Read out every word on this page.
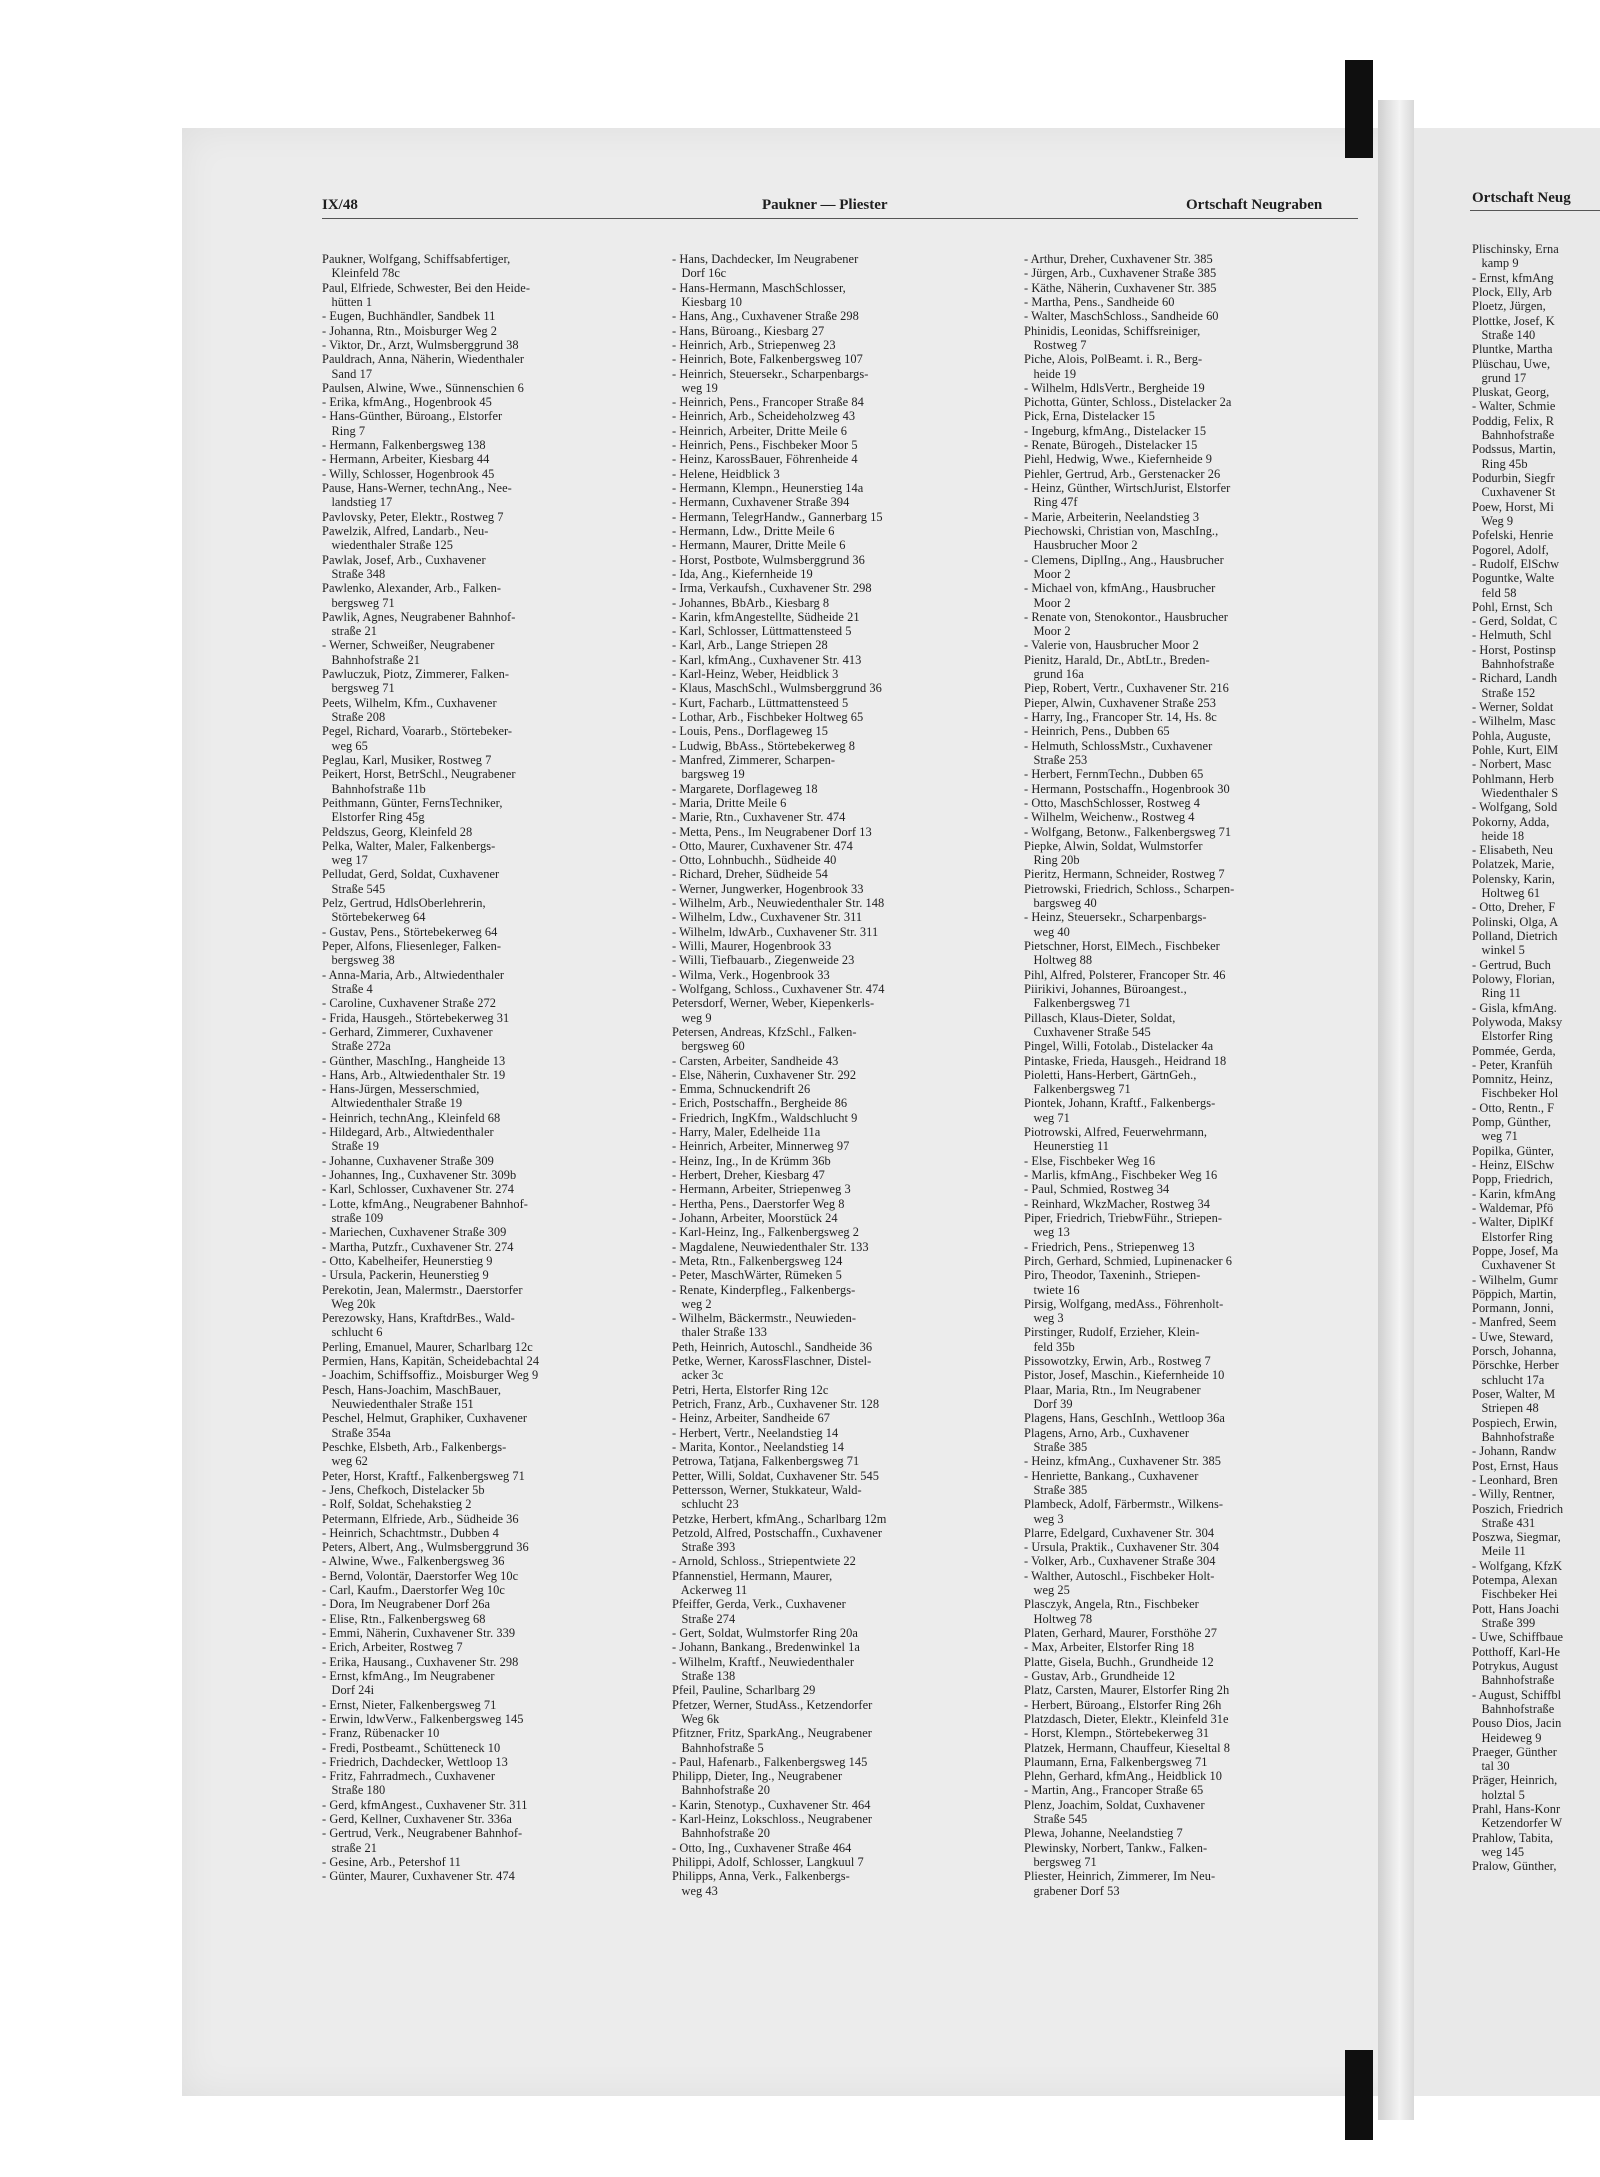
IX/48	Paukner — Pliester	Ortschaft Neugraben	Ortschaft Neug
Paukner, Wolfgang, Schiffsabfertiger,
Kleinfeld 78c
Paul, Elfriede, Schwester, Bei den Heide-
hütten 1
- Eugen, Buchhändler, Sandbek 11
- Johanna, Rtn., Moisburger Weg 2
- Viktor, Dr., Arzt, Wulmsberggrund 38
Pauldrach, Anna, Näherin, Wiedenthaler
Sand 17
Paulsen, Alwine, Wwe., Sünnenschien 6
- Erika, kfmAng., Hogenbrook 45
- Hans-Günther, Büroang., Elstorfer
Ring 7
- Hermann, Falkenbergsweg 138
- Hermann, Arbeiter, Kiesbarg 44
- Willy, Schlosser, Hogenbrook 45
Pause, Hans-Werner, technAng., Nee-
landstieg 17
Pavlovsky, Peter, Elektr., Rostweg 7
Pawelzik, Alfred, Landarb., Neu-
wiedenthaler Straße 125
Pawlak, Josef, Arb., Cuxhavener
Straße 348
Pawlenko, Alexander, Arb., Falken-
bergsweg 71
Pawlik, Agnes, Neugrabener Bahnhof-
straße 21
- Werner, Schweißer, Neugrabener
Bahnhofstraße 21
Pawluczuk, Piotz, Zimmerer, Falken-
bergsweg 71
Peets, Wilhelm, Kfm., Cuxhavener
Straße 208
Pegel, Richard, Voararb., Störtebeker-
weg 65
Peglau, Karl, Musiker, Rostweg 7
Peikert, Horst, BetrSchl., Neugrabener
Bahnhofstraße 11b
Peithmann, Günter, FernsTechniker,
Elstorfer Ring 45g
Peldszus, Georg, Kleinfeld 28
Pelka, Walter, Maler, Falkenbergs-
weg 17
Pelludat, Gerd, Soldat, Cuxhavener
Straße 545
Pelz, Gertrud, HdlsOberlehrerin,
Störtebekerweg 64
- Gustav, Pens., Störtebekerweg 64
Peper, Alfons, Fliesenleger, Falken-
bergsweg 38
- Anna-Maria, Arb., Altwiedenthaler
Straße 4
- Caroline, Cuxhavener Straße 272
- Frida, Hausgeh., Störtebekerweg 31
- Gerhard, Zimmerer, Cuxhavener
Straße 272a
- Günther, MaschIng., Hangheide 13
- Hans, Arb., Altwiedenthaler Str. 19
- Hans-Jürgen, Messerschmied,
Altwiedenthaler Straße 19
- Heinrich, technAng., Kleinfeld 68
- Hildegard, Arb., Altwiedenthaler
Straße 19
- Johanne, Cuxhavener Straße 309
- Johannes, Ing., Cuxhavener Str. 309b
- Karl, Schlosser, Cuxhavener Str. 274
- Lotte, kfmAng., Neugrabener Bahnhof-
straße 109
- Mariechen, Cuxhavener Straße 309
- Martha, Putzfr., Cuxhavener Str. 274
- Otto, Kabelheifer, Heunerstieg 9
- Ursula, Packerin, Heunerstieg 9
Perekotin, Jean, Malermstr., Daerstorfer
Weg 20k
Perezowsky, Hans, KraftdrBes., Wald-
schlucht 6
Perling, Emanuel, Maurer, Scharlbarg 12c
Permien, Hans, Kapitän, Scheidebachtal 24
- Joachim, Schiffsoffiz., Moisburger Weg 9
Pesch, Hans-Joachim, MaschBauer,
Neuwiedenthaler Straße 151
Peschel, Helmut, Graphiker, Cuxhavener
Straße 354a
Peschke, Elsbeth, Arb., Falkenbergs-
weg 62
Peter, Horst, Kraftf., Falkenbergsweg 71
- Jens, Chefkoch, Distelacker 5b
- Rolf, Soldat, Schehakstieg 2
Petermann, Elfriede, Arb., Südheide 36
- Heinrich, Schachtmstr., Dubben 4
Peters, Albert, Ang., Wulmsberggrund 36
- Alwine, Wwe., Falkenbergsweg 36
- Bernd, Volontär, Daerstorfer Weg 10c
- Carl, Kaufm., Daerstorfer Weg 10c
- Dora, Im Neugrabener Dorf 26a
- Elise, Rtn., Falkenbergsweg 68
- Emmi, Näherin, Cuxhavener Str. 339
- Erich, Arbeiter, Rostweg 7
- Erika, Hausang., Cuxhavener Str. 298
- Ernst, kfmAng., Im Neugrabener
Dorf 24i
- Ernst, Nieter, Falkenbergsweg 71
- Erwin, ldwVerw., Falkenbergsweg 145
- Franz, Rübenacker 10
- Fredi, Postbeamt., Schütteneck 10
- Friedrich, Dachdecker, Wettloop 13
- Fritz, Fahrradmech., Cuxhavener
Straße 180
- Gerd, kfmAngest., Cuxhavener Str. 311
- Gerd, Kellner, Cuxhavener Str. 336a
- Gertrud, Verk., Neugrabener Bahnhof-
straße 21
- Gesine, Arb., Petershof 11
- Günter, Maurer, Cuxhavener Str. 474
- Hans, Dachdecker, Im Neugrabener
Dorf 16c
- Hans-Hermann, MaschSchlosser,
Kiesbarg 10
- Hans, Ang., Cuxhavener Straße 298
- Hans, Büroang., Kiesbarg 27
- Heinrich, Arb., Striepenweg 23
- Heinrich, Bote, Falkenbergsweg 107
- Heinrich, Steuersekr., Scharpenbargs-
weg 19
- Heinrich, Pens., Francoper Straße 84
- Heinrich, Arb., Scheideholzweg 43
- Heinrich, Arbeiter, Dritte Meile 6
- Heinrich, Pens., Fischbeker Moor 5
- Heinz, KarossBauer, Föhrenheide 4
- Helene, Heidblick 3
- Hermann, Klempn., Heunerstieg 14a
- Hermann, Cuxhavener Straße 394
- Hermann, TelegrHandw., Gannerbarg 15
- Hermann, Ldw., Dritte Meile 6
- Hermann, Maurer, Dritte Meile 6
- Horst, Postbote, Wulmsberggrund 36
- Ida, Ang., Kiefernheide 19
- Irma, Verkaufsh., Cuxhavener Str. 298
- Johannes, BbArb., Kiesbarg 8
- Karin, kfmAngestellte, Südheide 21
- Karl, Schlosser, Lüttmattensteed 5
- Karl, Arb., Lange Striepen 28
- Karl, kfmAng., Cuxhavener Str. 413
- Karl-Heinz, Weber, Heidblick 3
- Klaus, MaschSchl., Wulmsberggrund 36
- Kurt, Facharb., Lüttmattensteed 5
- Lothar, Arb., Fischbeker Holtweg 65
- Louis, Pens., Dorflageweg 15
- Ludwig, BbAss., Störtebekerweg 8
- Manfred, Zimmerer, Scharpen-
bargsweg 19
- Margarete, Dorflageweg 18
- Maria, Dritte Meile 6
- Marie, Rtn., Cuxhavener Str. 474
- Metta, Pens., Im Neugrabener Dorf 13
- Otto, Maurer, Cuxhavener Str. 474
- Otto, Lohnbuchh., Südheide 40
- Richard, Dreher, Südheide 54
- Werner, Jungwerker, Hogenbrook 33
- Wilhelm, Arb., Neuwiedenthaler Str. 148
- Wilhelm, Ldw., Cuxhavener Str. 311
- Wilhelm, ldwArb., Cuxhavener Str. 311
- Willi, Maurer, Hogenbrook 33
- Willi, Tiefbauarb., Ziegenweide 23
- Wilma, Verk., Hogenbrook 33
- Wolfgang, Schloss., Cuxhavener Str. 474
Petersdorf, Werner, Weber, Kiepenkerls-
weg 9
Petersen, Andreas, KfzSchl., Falken-
bergsweg 60
- Carsten, Arbeiter, Sandheide 43
- Else, Näherin, Cuxhavener Str. 292
- Emma, Schnuckendrift 26
- Erich, Postschaffn., Bergheide 86
- Friedrich, IngKfm., Waldschlucht 9
- Harry, Maler, Edelheide 11a
- Heinrich, Arbeiter, Minnerweg 97
- Heinz, Ing., In de Krümm 36b
- Herbert, Dreher, Kiesbarg 47
- Hermann, Arbeiter, Striepenweg 3
- Hertha, Pens., Daerstorfer Weg 8
- Johann, Arbeiter, Moorstück 24
- Karl-Heinz, Ing., Falkenbergsweg 2
- Magdalene, Neuwiedenthaler Str. 133
- Meta, Rtn., Falkenbergsweg 124
- Peter, MaschWärter, Rümeken 5
- Renate, Kinderpfleg., Falkenbergs-
weg 2
- Wilhelm, Bäckermstr., Neuwieden-
thaler Straße 133
Peth, Heinrich, Autoschl., Sandheide 36
Petke, Werner, KarossFlaschner, Distel-
acker 3c
Petri, Herta, Elstorfer Ring 12c
Petrich, Franz, Arb., Cuxhavener Str. 128
- Heinz, Arbeiter, Sandheide 67
- Herbert, Vertr., Neelandstieg 14
- Marita, Kontor., Neelandstieg 14
Petrowa, Tatjana, Falkenbergsweg 71
Petter, Willi, Soldat, Cuxhavener Str. 545
Pettersson, Werner, Stukkateur, Wald-
schlucht 23
Petzke, Herbert, kfmAng., Scharlbarg 12m
Petzold, Alfred, Postschaffn., Cuxhavener
Straße 393
- Arnold, Schloss., Striepentwiete 22
Pfannenstiel, Hermann, Maurer,
Ackerweg 11
Pfeiffer, Gerda, Verk., Cuxhavener
Straße 274
- Gert, Soldat, Wulmstorfer Ring 20a
- Johann, Bankang., Bredenwinkel 1a
- Wilhelm, Kraftf., Neuwiedenthaler
Straße 138
Pfeil, Pauline, Scharlbarg 29
Pfetzer, Werner, StudAss., Ketzendorfer
Weg 6k
Pfitzner, Fritz, SparkAng., Neugrabener
Bahnhofstraße 5
- Paul, Hafenarb., Falkenbergsweg 145
Philipp, Dieter, Ing., Neugrabener
Bahnhofstraße 20
- Karin, Stenotyp., Cuxhavener Str. 464
- Karl-Heinz, Lokschloss., Neugrabener
Bahnhofstraße 20
- Otto, Ing., Cuxhavener Straße 464
Philippi, Adolf, Schlosser, Langkuul 7
Philipps, Anna, Verk., Falkenbergs-
weg 43
- Arthur, Dreher, Cuxhavener Str. 385
- Jürgen, Arb., Cuxhavener Straße 385
- Käthe, Näherin, Cuxhavener Str. 385
- Martha, Pens., Sandheide 60
- Walter, MaschSchloss., Sandheide 60
Phinidis, Leonidas, Schiffsreiniger,
Rostweg 7
Piche, Alois, PolBeamt. i. R., Berg-
heide 19
- Wilhelm, HdlsVertr., Bergheide 19
Pichotta, Günter, Schloss., Distelacker 2a
Pick, Erna, Distelacker 15
- Ingeburg, kfmAng., Distelacker 15
- Renate, Bürogeh., Distelacker 15
Piehl, Hedwig, Wwe., Kiefernheide 9
Piehler, Gertrud, Arb., Gerstenacker 26
- Heinz, Günther, WirtschJurist, Elstorfer
Ring 47f
- Marie, Arbeiterin, Neelandstieg 3
Piechowski, Christian von, MaschIng.,
Hausbrucher Moor 2
- Clemens, DiplIng., Ang., Hausbrucher
Moor 2
- Michael von, kfmAng., Hausbrucher
Moor 2
- Renate von, Stenokontor., Hausbrucher
Moor 2
- Valerie von, Hausbrucher Moor 2
Pienitz, Harald, Dr., AbtLtr., Breden-
grund 16a
Piep, Robert, Vertr., Cuxhavener Str. 216
Pieper, Alwin, Cuxhavener Straße 253
- Harry, Ing., Francoper Str. 14, Hs. 8c
- Heinrich, Pens., Dubben 65
- Helmuth, SchlossMstr., Cuxhavener
Straße 253
- Herbert, FernmTechn., Dubben 65
- Hermann, Postschaffn., Hogenbrook 30
- Otto, MaschSchlosser, Rostweg 4
- Wilhelm, Weichenw., Rostweg 4
- Wolfgang, Betonw., Falkenbergsweg 71
Piepke, Alwin, Soldat, Wulmstorfer
Ring 20b
Pieritz, Hermann, Schneider, Rostweg 7
Pietrowski, Friedrich, Schloss., Scharpen-
bargsweg 40
- Heinz, Steuersekr., Scharpenbargs-
weg 40
Pietschner, Horst, ElMech., Fischbeker
Holtweg 88
Pihl, Alfred, Polsterer, Francoper Str. 46
Piirikivi, Johannes, Büroangest.,
Falkenbergsweg 71
Pillasch, Klaus-Dieter, Soldat,
Cuxhavener Straße 545
Pingel, Willi, Fotolab., Distelacker 4a
Pintaske, Frieda, Hausgeh., Heidrand 18
Pioletti, Hans-Herbert, GärtnGeh.,
Falkenbergsweg 71
Piontek, Johann, Kraftf., Falkenbergs-
weg 71
Piotrowski, Alfred, Feuerwehrmann,
Heunerstieg 11
- Else, Fischbeker Weg 16
- Marlis, kfmAng., Fischbeker Weg 16
- Paul, Schmied, Rostweg 34
- Reinhard, WkzMacher, Rostweg 34
Piper, Friedrich, TriebwFühr., Striepen-
weg 13
- Friedrich, Pens., Striepenweg 13
Pirch, Gerhard, Schmied, Lupinenacker 6
Piro, Theodor, Taxeninh., Striepen-
twiete 16
Pirsig, Wolfgang, medAss., Föhrenholt-
weg 3
Pirstinger, Rudolf, Erzieher, Klein-
feld 35b
Pissowotzky, Erwin, Arb., Rostweg 7
Pistor, Josef, Maschin., Kiefernheide 10
Plaar, Maria, Rtn., Im Neugrabener
Dorf 39
Plagens, Hans, GeschInh., Wettloop 36a
Plagens, Arno, Arb., Cuxhavener
Straße 385
- Heinz, kfmAng., Cuxhavener Str. 385
- Henriette, Bankang., Cuxhavener
Straße 385
Plambeck, Adolf, Färbermstr., Wilkens-
weg 3
Plarre, Edelgard, Cuxhavener Str. 304
- Ursula, Praktik., Cuxhavener Str. 304
- Volker, Arb., Cuxhavener Straße 304
- Walther, Autoschl., Fischbeker Holt-
weg 25
Plasczyk, Angela, Rtn., Fischbeker
Holtweg 78
Platen, Gerhard, Maurer, Forsthöhe 27
- Max, Arbeiter, Elstorfer Ring 18
Platte, Gisela, Buchh., Grundheide 12
- Gustav, Arb., Grundheide 12
Platz, Carsten, Maurer, Elstorfer Ring 2h
- Herbert, Büroang., Elstorfer Ring 26h
Platzdasch, Dieter, Elektr., Kleinfeld 31e
- Horst, Klempn., Störtebekerweg 31
Platzek, Hermann, Chauffeur, Kieseltal 8
Plaumann, Erna, Falkenbergsweg 71
Plehn, Gerhard, kfmAng., Heidblick 10
- Martin, Ang., Francoper Straße 65
Plenz, Joachim, Soldat, Cuxhavener
Straße 545
Plewa, Johanne, Neelandstieg 7
Plewinsky, Norbert, Tankw., Falken-
bergsweg 71
Pliester, Heinrich, Zimmerer, Im Neu-
grabener Dorf 53
Plischinsky, Erna
kamp 9
- Ernst, kfmAng
Plock, Elly, Arb
Ploetz, Jürgen,
Plottke, Josef, K
Straße 140
Pluntke, Martha
Plüschau, Uwe,
grund 17
Pluskat, Georg,
- Walter, Schmie
Poddig, Felix, R
Bahnhofstraße
Podssus, Martin,
Ring 45b
Podurbin, Siegfr
Cuxhavener St
Poew, Horst, Mi
Weg 9
Pofelski, Henrie
Pogorel, Adolf,
- Rudolf, ElSchw
Poguntke, Walte
feld 58
Pohl, Ernst, Sch
- Gerd, Soldat, C
- Helmuth, Schl
- Horst, Postinsp
Bahnhofstraße
- Richard, Landh
Straße 152
- Werner, Soldat
- Wilhelm, Masc
Pohla, Auguste,
Pohle, Kurt, ElM
- Norbert, Masc
Pohlmann, Herb
Wiedenthaler S
- Wolfgang, Sold
Pokorny, Adda,
heide 18
- Elisabeth, Neu
Polatzek, Marie,
Polensky, Karin,
Holtweg 61
- Otto, Dreher, F
Polinski, Olga, A
Polland, Dietrich
winkel 5
- Gertrud, Buch
Polowy, Florian,
Ring 11
- Gisla, kfmAng.
Polywoda, Maksy
Elstorfer Ring
Pommée, Gerda,
- Peter, Kranfüh
Pomnitz, Heinz,
Fischbeker Hol
- Otto, Rentn., F
Pomp, Günther,
weg 71
Popilka, Günter,
- Heinz, ElSchw
Popp, Friedrich,
- Karin, kfmAng
- Waldemar, Pfö
- Walter, DiplKf
Elstorfer Ring
Poppe, Josef, Ma
Cuxhavener St
- Wilhelm, Gumr
Pöppich, Martin,
Pormann, Jonni,
- Manfred, Seem
- Uwe, Steward,
Porsch, Johanna,
Pörschke, Herber
schlucht 17a
Poser, Walter, M
Striepen 48
Pospiech, Erwin,
Bahnhofstraße
- Johann, Randw
Post, Ernst, Haus
- Leonhard, Bren
- Willy, Rentner,
Poszich, Friedrich
Straße 431
Poszwa, Siegmar,
Meile 11
- Wolfgang, KfzK
Potempa, Alexan
Fischbeker Hei
Pott, Hans Joachi
Straße 399
- Uwe, Schiffbaue
Potthoff, Karl-He
Potrykus, August
Bahnhofstraße
- August, Schiffbl
Bahnhofstraße
Pouso Dios, Jacin
Heideweg 9
Praeger, Günther
tal 30
Präger, Heinrich,
holztal 5
Prahl, Hans-Konr
Ketzendorfer W
Prahlow, Tabita,
weg 145
Pralow, Günther,
